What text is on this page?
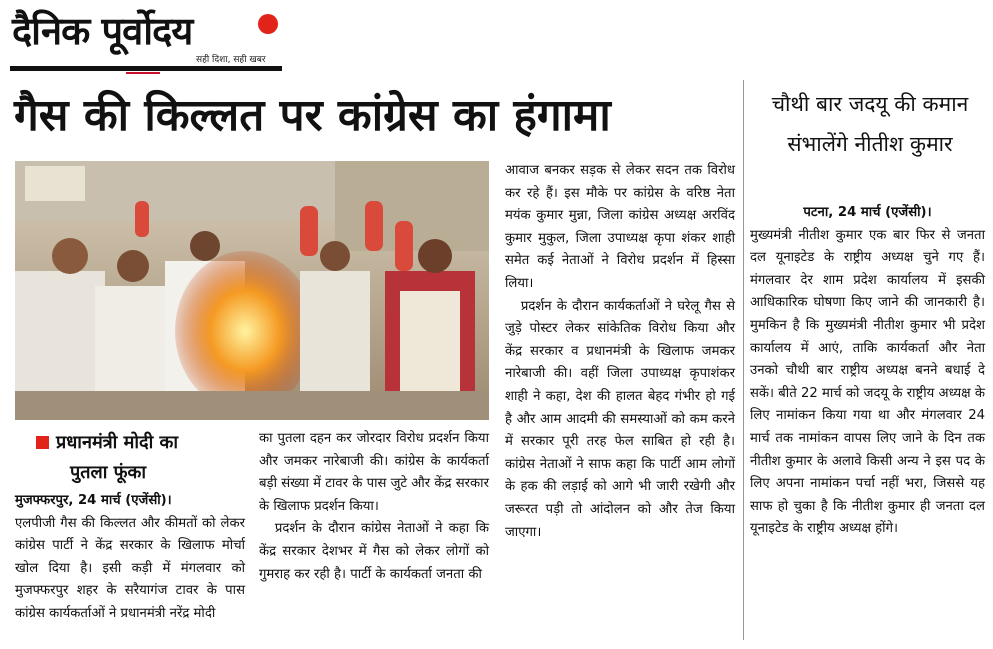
दैनिक पूर्वोदय
सही दिशा, सही खबर
गैस की किल्लत पर कांग्रेस का हंगामा	चौथी बार जदयू की कमान संभालेंगे नीतीश कुमार
प्रधानमंत्री मोदी का
पुतला फूंका

मुजफ्फरपुर, 24 मार्च (एजेंसी)।

एलपीजी गैस की किल्लत और कीमतों को लेकर कांग्रेस पार्टी ने केंद्र सरकार के खिलाफ मोर्चा खोल दिया है। इसी कड़ी में मंगलवार को मुजफ्फरपुर शहर के सरैयागंज टावर के पास कांग्रेस कार्यकर्ताओं ने प्रधानमंत्री नरेंद्र मोदी

का पुतला दहन कर जोरदार विरोध प्रदर्शन किया और जमकर नारेबाजी की। कांग्रेस के कार्यकर्ता बड़ी संख्या में टावर के पास जुटे और केंद्र सरकार के खिलाफ प्रदर्शन किया।

प्रदर्शन के दौरान कांग्रेस नेताओं ने कहा कि केंद्र सरकार देशभर में गैस को लेकर लोगों को गुमराह कर रही है। पार्टी के कार्यकर्ता जनता की

आवाज बनकर सड़क से लेकर सदन तक विरोध कर रहे हैं। इस मौके पर कांग्रेस के वरिष्ठ नेता मयंक कुमार मुन्ना, जिला कांग्रेस अध्यक्ष अरविंद कुमार मुकुल, जिला उपाध्यक्ष कृपा शंकर शाही समेत कई नेताओं ने विरोध प्रदर्शन में हिस्सा लिया।

प्रदर्शन के दौरान कार्यकर्ताओं ने घरेलू गैस से जुड़े पोस्टर लेकर सांकेतिक विरोध किया और केंद्र सरकार व प्रधानमंत्री के खिलाफ जमकर नारेबाजी की। वहीं जिला उपाध्यक्ष कृपाशंकर शाही ने कहा, देश की हालत बेहद गंभीर हो गई है और आम आदमी की समस्याओं को कम करने में सरकार पूरी तरह फेल साबित हो रही है। कांग्रेस नेताओं ने साफ कहा कि पार्टी आम लोगों के हक की लड़ाई को आगे भी जारी रखेगी और जरूरत पड़ी तो आंदोलन को और तेज किया जाएगा।

पटना, 24 मार्च (एजेंसी)।

मुख्यमंत्री नीतीश कुमार एक बार फिर से जनता दल यूनाइटेड के राष्ट्रीय अध्यक्ष चुने गए हैं। मंगलवार देर शाम प्रदेश कार्यालय में इसकी आधिकारिक घोषणा किए जाने की जानकारी है। मुमकिन है कि मुख्यमंत्री नीतीश कुमार भी प्रदेश कार्यालय में आएं, ताकि कार्यकर्ता और नेता उनको चौथी बार राष्ट्रीय अध्यक्ष बनने बधाई दे सकें। बीते 22 मार्च को जदयू के राष्ट्रीय अध्यक्ष के लिए नामांकन किया गया था और मंगलवार 24 मार्च तक नामांकन वापस लिए जाने के दिन तक नीतीश कुमार के अलावे किसी अन्य ने इस पद के लिए अपना नामांकन पर्चा नहीं भरा, जिससे यह साफ हो चुका है कि नीतीश कुमार ही जनता दल यूनाइटेड के राष्ट्रीय अध्यक्ष होंगे।
